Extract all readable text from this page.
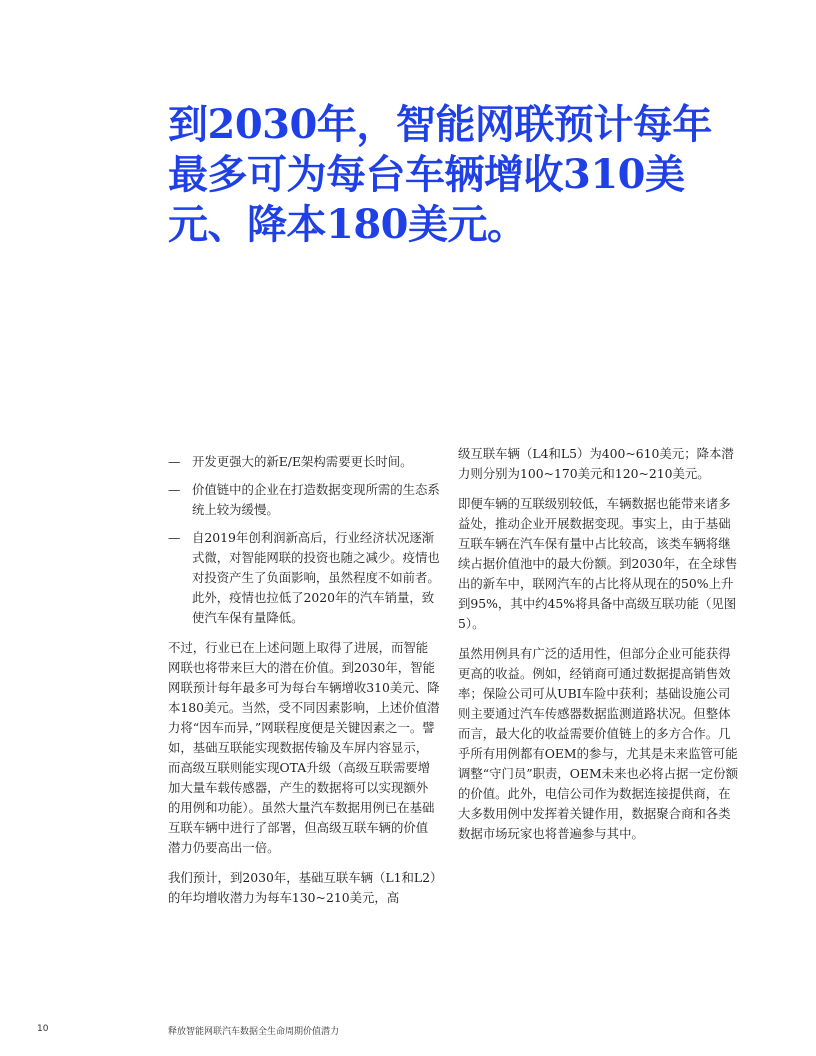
到2030年，智能网联预计每年最多可为每台车辆增收310美元、降本180美元。
— 开发更强大的新E/E架构需要更长时间。
— 价值链中的企业在打造数据变现所需的生态系统上较为缓慢。
— 自2019年创利润新高后，行业经济状况逐渐式微，对智能网联的投资也随之减少。疫情也对投资产生了负面影响，虽然程度不如前者。此外，疫情也拉低了2020年的汽车销量，致使汽车保有量降低。

不过，行业已在上述问题上取得了进展，而智能网联也将带来巨大的潜在价值。到2030年，智能网联预计每年最多可为每台车辆增收310美元、降本180美元。当然，受不同因素影响，上述价值潜力将“因车而异，”网联程度便是关键因素之一。譬如，基础互联能实现数据传输及车屏内容显示，而高级互联则能实现OTA升级（高级互联需要增加大量车载传感器，产生的数据将可以实现额外的用例和功能）。虽然大量汽车数据用例已在基础互联车辆中进行了部署，但高级互联车辆的价值潜力仍要高出一倍。

我们预计，到2030年，基础互联车辆（L1和L2）的年均增收潜力为每车130~210美元，高

级互联车辆（L4和L5）为400~610美元；降本潜力则分别为100~170美元和120~210美元。

即便车辆的互联级别较低，车辆数据也能带来诸多益处，推动企业开展数据变现。事实上，由于基础互联车辆在汽车保有量中占比较高，该类车辆将继续占据价值池中的最大份额。到2030年，在全球售出的新车中，联网汽车的占比将从现在的50%上升到95%，其中约45%将具备中高级互联功能（见图5）。

虽然用例具有广泛的适用性，但部分企业可能获得更高的收益。例如，经销商可通过数据提高销售效率；保险公司可从UBI车险中获利；基础设施公司则主要通过汽车传感器数据监测道路状况。但整体而言，最大化的收益需要价值链上的多方合作。几乎所有用例都有OEM的参与，尤其是未来监管可能调整“守门员”职责，OEM未来也必将占据一定份额的价值。此外，电信公司作为数据连接提供商，在大多数用例中发挥着关键作用，数据聚合商和各类数据市场玩家也将普遍参与其中。

10	释放智能网联汽车数据全生命周期价值潜力
